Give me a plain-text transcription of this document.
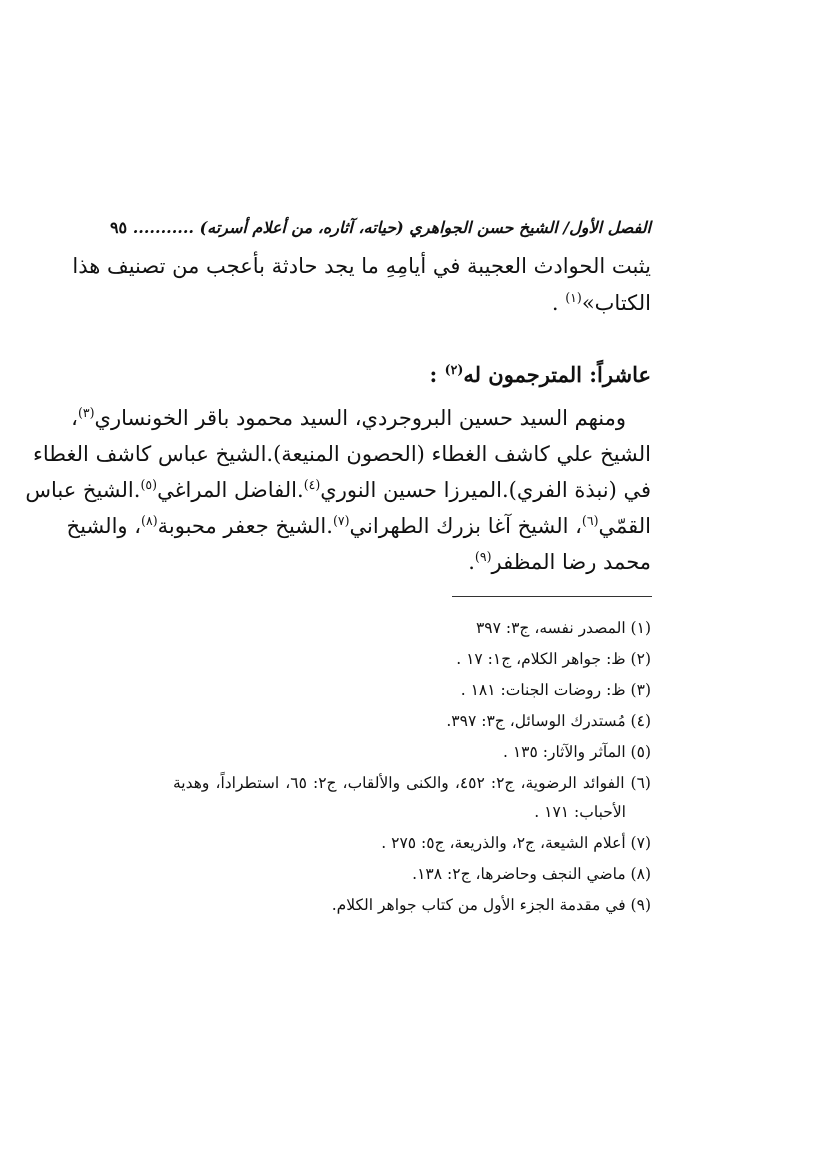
الفصل الأول/ الشيخ حسن الجواهري (حياته، آثاره، من أعلام أسرته) ........... ٩٥
يثبت الحوادث العجيبة في أيامِهِ ما يجد حادثة بأعجب من تصنيف هذا
الكتاب»$^{(١)}$ .
عاشراً: المترجمون له$^{(٢)}$ :
ومنهم السيد حسين البروجردي، السيد محمود باقر الخونساري$^{(٣)}$،
الشيخ علي كاشف الغطاء (الحصون المنيعة).الشيخ عباس كاشف الغطاء
في (نبذة الفري).الميرزا حسين النوري$^{(٤)}$.الفاضل المراغي$^{(٥)}$.الشيخ عباس
القمّي$^{(٦)}$، الشيخ آغا بزرك الطهراني$^{(٧)}$.الشيخ جعفر محبوبة$^{(٨)}$، والشيخ
محمد رضا المظفر$^{(٩)}$.
(١) المصدر نفسه، ج٣: ٣٩٧
(٢) ظ: جواهر الكلام، ج١: ١٧ .
(٣) ظ: روضات الجنات: ١٨١ .
(٤) مُستدرك الوسائل، ج٣: ٣٩٧.
(٥) المآثر والآثار: ١٣٥ .
(٦) الفوائد الرضوية، ج٢: ٤٥٢، والكنى والألقاب، ج٢: ٦٥، استطراداً، وهدية
الأحباب: ١٧١ .
(٧) أعلام الشيعة، ج٢، والذريعة، ج٥: ٢٧٥ .
(٨) ماضي النجف وحاضرها، ج٢: ١٣٨.
(٩) في مقدمة الجزء الأول من كتاب جواهر الكلام.
